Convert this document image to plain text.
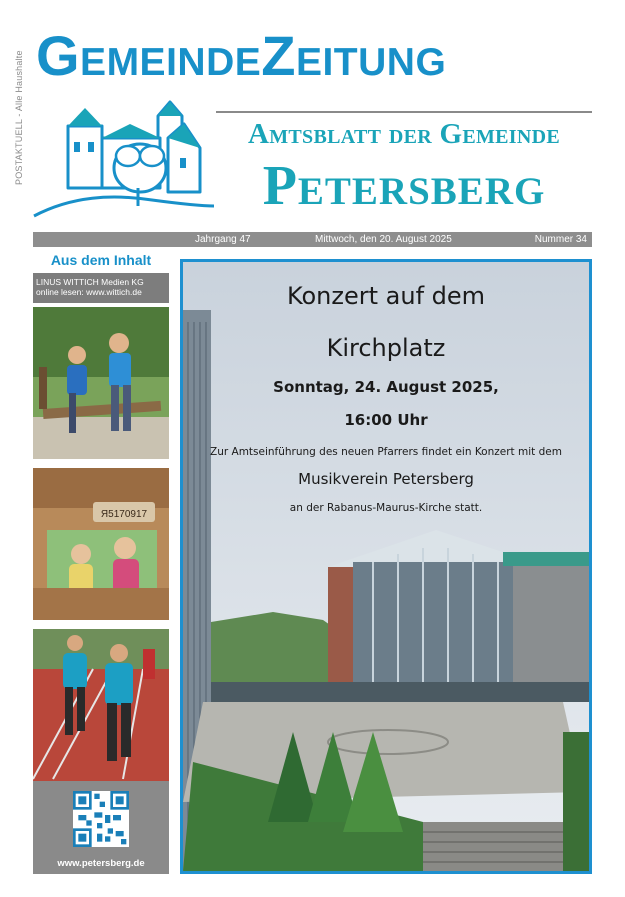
POSTAKTUELL - Alle Haushalte GemeindeZeitung
Amtsblatt der Gemeinde
Petersberg
Jahrgang 47	Mittwoch, den 20. August 2025	Nummer 34
Aus dem Inhalt
LINUS WITTICH Medien KG
online lesen: www.wittich.de
Я5170917
www.petersberg.de
Konzert auf dem
Kirchplatz
Sonntag, 24. August 2025,
16:00 Uhr
Zur Amtseinführung des neuen Pfarrers findet ein Konzert mit dem
Musikverein Petersberg
an der Rabanus-Maurus-Kirche statt.
